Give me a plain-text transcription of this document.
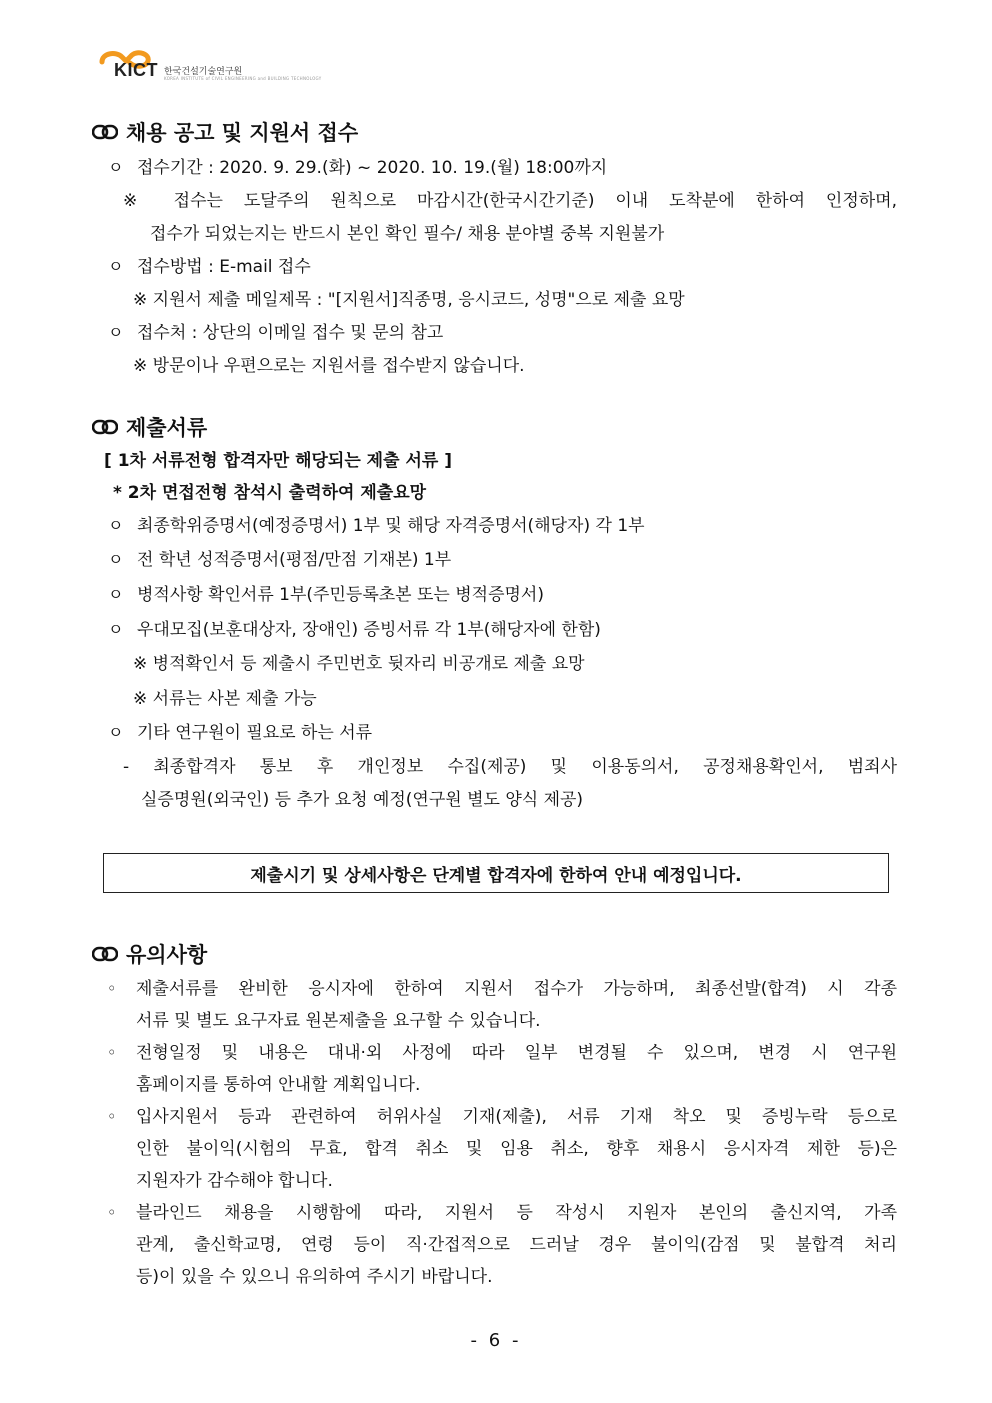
KICT 한국건설기술연구원
KOREA INSTITUTE of CIVIL ENGINEERING and BUILDING TECHNOLOGY
채용 공고 및 지원서 접수
ㅇ 접수기간 : 2020. 9. 29.(화) ~ 2020. 10. 19.(월) 18:00까지
※ 접수는 도달주의 원칙으로 마감시간(한국시간기준) 이내 도착분에 한하여 인정하며,
접수가 되었는지는 반드시 본인 확인 필수/ 채용 분야별 중복 지원불가
ㅇ 접수방법 : E-mail 접수
※ 지원서 제출 메일제목 : "[지원서]직종명, 응시코드, 성명"으로 제출 요망
ㅇ 접수처 : 상단의 이메일 접수 및 문의 참고
※ 방문이나 우편으로는 지원서를 접수받지 않습니다.
제출서류
[ 1차 서류전형 합격자만 해당되는 제출 서류 ]
* 2차 면접전형 참석시 출력하여 제출요망
ㅇ 최종학위증명서(예정증명서) 1부 및 해당 자격증명서(해당자) 각 1부
ㅇ 전 학년 성적증명서(평점/만점 기재본) 1부
ㅇ 병적사항 확인서류 1부(주민등록초본 또는 병적증명서)
ㅇ 우대모집(보훈대상자, 장애인) 증빙서류 각 1부(해당자에 한함)
※ 병적확인서 등 제출시 주민번호 뒷자리 비공개로 제출 요망
※ 서류는 사본 제출 가능
ㅇ 기타 연구원이 필요로 하는 서류
- 최종합격자 통보 후 개인정보 수집(제공) 및 이용동의서, 공정채용확인서, 범죄사
실증명원(외국인) 등 추가 요청 예정(연구원 별도 양식 제공)
제출시기 및 상세사항은 단계별 합격자에 한하여 안내 예정입니다.
유의사항
◦ 제출서류를 완비한 응시자에 한하여 지원서 접수가 가능하며, 최종선발(합격) 시 각종
서류 및 별도 요구자료 원본제출을 요구할 수 있습니다.
◦ 전형일정 및 내용은 대내·외 사정에 따라 일부 변경될 수 있으며, 변경 시 연구원
홈페이지를 통하여 안내할 계획입니다.
◦ 입사지원서 등과 관련하여 허위사실 기재(제출), 서류 기재 착오 및 증빙누락 등으로
인한 불이익(시험의 무효, 합격 취소 및 임용 취소, 향후 채용시 응시자격 제한 등)은
지원자가 감수해야 합니다.
◦ 블라인드 채용을 시행함에 따라, 지원서 등 작성시 지원자 본인의 출신지역, 가족
관계, 출신학교명, 연령 등이 직·간접적으로 드러날 경우 불이익(감점 및 불합격 처리
등)이 있을 수 있으니 유의하여 주시기 바랍니다.
- 6 -
